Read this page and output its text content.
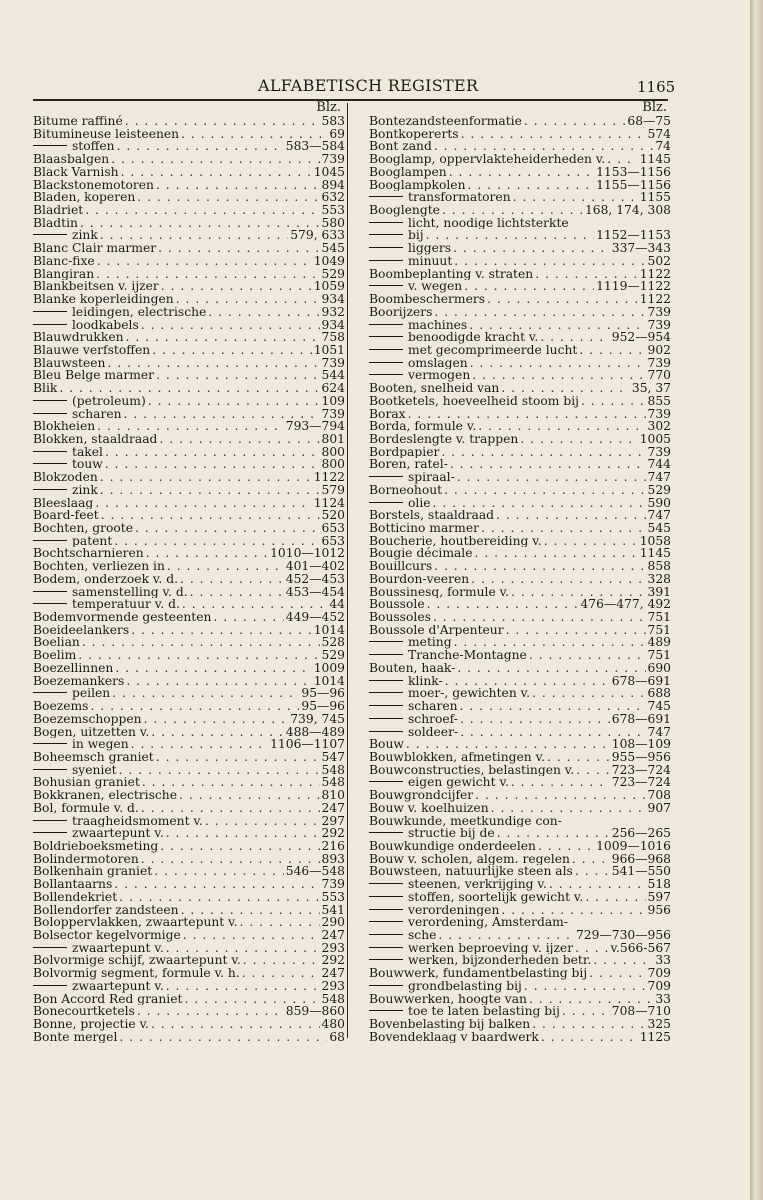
ALFABETISCH REGISTER	1165
Blz.
Bitume raffiné . . .	583
Bitumineuse leisteenen . . .	69
stoffen . . .	583—584
Blaasbalgen . . .	739
Black Varnish . . .	1045
Blackstonemotoren . . .	894
Bladen, koperen . . .	632
Bladriet . . .	553
Bladtin . . .	580
zink . . .	579, 633
Blanc Clair marmer . . .	545
Blanc-fixe . . .	1049
Blangiran . . .	529
Blankbeitsen v. ijzer . . .	1059
Blanke koperleidingen . . .	934
leidingen, electrische . . .	932
loodkabels . . .	934
Blauwdrukken . . .	758
Blauwe verfstoffen . . .	1051
Blauwsteen . . .	739
Bleu Belge marmer . . .	544
Blik . . .	624
(petroleum) . . .	109
scharen . . .	739
Blokheien . . .	793—794
Blokken, staaldraad . . .	801
takel . . .	800
touw . . .	800
Blokzoden . . .	1122
zink . . .	579
Bleeslaag . . .	1124
Board-feet . . .	520
Bochten, groote . . .	653
patent . . .	653
Bochtscharnieren . . .	1010—1012
Bochten, verliezen in . . .	401—402
Bodem, onderzoek v. d. . . .	452—453
samenstelling v. d. . . .	453—454
temperatuur v. d. . . .	44
Bodemvormende gesteenten . . .	449—452
Boeideelankers . . .	1014
Boelian . . .	528
Boelim . . .	529
Boezellinnen . . .	1009
Boezemankers . . .	1014
peilen . . .	95—96
Boezems . . .	95—96
Boezemschoppen . . .	739, 745
Bogen, uitzetten v. . . .	488—489
in wegen . . .	1106—1107
Boheemsch graniet . . .	547
syeniet . . .	548
Bohusian graniet . . .	548
Bokkranen, electrische . . .	810
Bol, formule v. d. . . .	247
traagheidsmoment v. . . .	297
zwaartepunt v. . . .	292
Boldrieboeksmeting . . .	216
Bolindermotoren . . .	893
Bolkenhain graniet . . .	546—548
Bollantaarns . . .	739
Bollendekriet . . .	553
Bollendorfer zandsteen . . .	541
Boloppervlakken, zwaartepunt v. . . .	290
Bolsector kegelvormige . . .	247
zwaartepunt v. . . .	293
Bolvormige schijf, zwaartepunt v. . . .	292
Bolvormig segment, formule v. h. . . .	247
zwaartepunt v. . . .	293
Bon Accord Red graniet . . .	548
Bonecourtketels . . .	859—860
Bonne, projectie v. . . .	480
Bonte mergel . . .	68
Blz.
Bontezandsteenformatie . . .	68—75
Bontkopererts . . .	574
Bont zand . . .	74
Booglamp, oppervlakteheiderheden v. . . .	1145
Booglampen . . .	1153—1156
Booglampkolen . . .	1155—1156
transformatoren . . .	1155
Booglengte . . .	168, 174, 308
licht, noodige lichtsterkte
bij . . .	1152—1153
liggers . . .	337—343
minuut . . .	502
Boombeplanting v. straten . . .	1122
v. wegen . . .	1119—1122
Boombeschermers . . .	1122
Boorijzers . . .	739
machines . . .	739
benoodigde kracht v. . . .	952—954
met gecomprimeerde lucht . . .	902
omslagen . . .	739
vermogen . . .	770
Booten, snelheid van . . .	35, 37
Bootketels, hoeveelheid stoom bij . . .	855
Borax . . .	739
Borda, formule v. . . .	302
Bordeslengte v. trappen . . .	1005
Bordpapier . . .	739
Boren, ratel- . . .	744
spiraal- . . .	747
Borneohout . . .	529
olie . . .	590
Borstels, staaldraad . . .	747
Botticino marmer . . .	545
Boucherie, houtbereiding v. . . .	1058
Bougie décimale . . .	1145
Bouillcurs . . .	858
Bourdon-veeren . . .	328
Boussinesq, formule v. . . .	391
Boussole . . .	476—477, 492
Boussoles . . .	751
Boussole d'Arpenteur . . .	751
meting . . .	489
Tranche-Montagne . . .	751
Bouten, haak- . . .	690
klink- . . .	678—691
moer-, gewichten v. . . .	688
scharen . . .	745
schroef- . . .	678—691
soldeer- . . .	747
Bouw . . .	108—109
Bouwblokken, afmetingen v. . . .	955—956
Bouwconstructies, belastingen v. . . .	723—724
eigen gewicht v. . . .	723—724
Bouwgrondcijfer . . .	708
Bouw v. koelhuizen . . .	907
Bouwkunde, meetkundige con-
structie bij de . . .	256—265
Bouwkundige onderdeelen . . .	1009—1016
Bouw v. scholen, algem. regelen . . .	966—968
Bouwsteen, natuurlijke steen als . . .	541—550
steenen, verkrijging v. . . .	518
stoffen, soortelijk gewicht v. . . .	597
verordeningen . . .	956
verordening, Amsterdam-
sche . . .	729—730—956
werken beproeving v. ijzer . . .	v.566-567
werken, bijzonderheden betr. . . .	33
Bouwwerk, fundamentbelasting bij . . .	709
grondbelasting bij . . .	709
Bouwwerken, hoogte van . . .	33
toe te laten belasting bij . . .	708—710
Bovenbelasting bij balken . . .	325
Bovendeklaag v baardwerk . . .	1125
